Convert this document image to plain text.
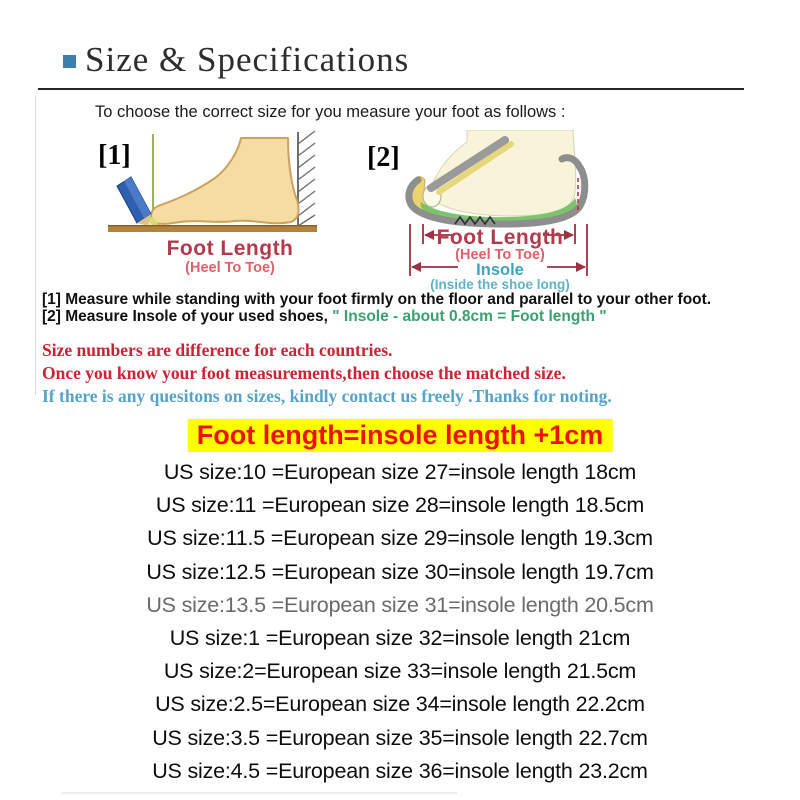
Size & Specifications
To choose the correct size for you measure your foot as follows :
[1]
Foot Length
(Heel To Toe)
[2]
Foot Length
(Heel To Toe)
Insole
(Inside the shoe long)
[1] Measure while standing with your foot firmly on the floor and parallel to your other foot.
[2] Measure Insole of your used shoes, " Insole - about 0.8cm = Foot length "
Size numbers are difference for each countries.
Once you know your foot measurements,then choose the matched size.
If there is any quesitons on sizes, kindly contact us freely .Thanks for noting.
Foot length=insole length +1cm
US size:10 =European size 27=insole length 18cm
US size:11 =European size 28=insole length 18.5cm
US size:11.5 =European size 29=insole length 19.3cm
US size:12.5 =European size 30=insole length 19.7cm
US size:13.5 =European size 31=insole length 20.5cm
US size:1 =European size 32=insole length 21cm
US size:2=European size 33=insole length 21.5cm
US size:2.5=European size 34=insole length 22.2cm
US size:3.5 =European size 35=insole length 22.7cm
US size:4.5 =European size 36=insole length 23.2cm
